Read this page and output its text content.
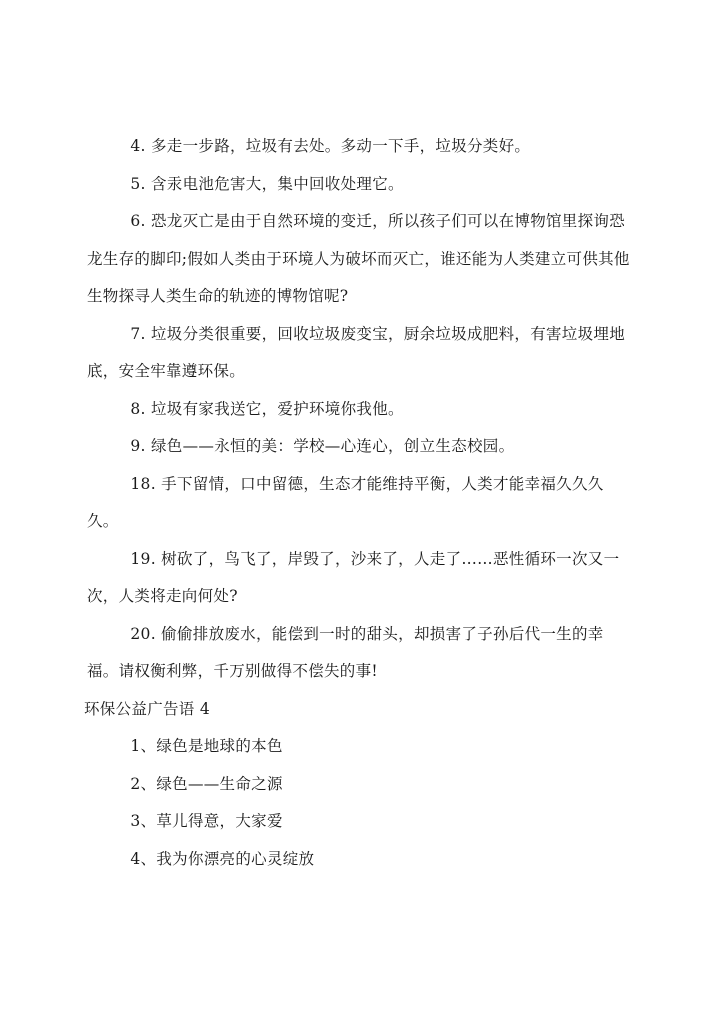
4. 多走一步路，垃圾有去处。多动一下手，垃圾分类好。

5. 含汞电池危害大，集中回收处理它。

6. 恐龙灭亡是由于自然环境的变迁，所以孩子们可以在博物馆里探询恐龙生存的脚印;假如人类由于环境人为破坏而灭亡，谁还能为人类建立可供其他生物探寻人类生命的轨迹的博物馆呢?

7. 垃圾分类很重要，回收垃圾废变宝，厨余垃圾成肥料，有害垃圾埋地底，安全牢靠遵环保。

8. 垃圾有家我送它，爱护环境你我他。

9. 绿色——永恒的美：学校—心连心，创立生态校园。

18. 手下留情，口中留德，生态才能维持平衡，人类才能幸福久久久久。

19. 树砍了，鸟飞了，岸毁了，沙来了，人走了……恶性循环一次又一次，人类将走向何处?

20. 偷偷排放废水，能偿到一时的甜头，却损害了子孙后代一生的幸福。请权衡利弊，千万别做得不偿失的事!

环保公益广告语 4

1、绿色是地球的本色

2、绿色——生命之源

3、草儿得意，大家爱

4、我为你漂亮的心灵绽放
